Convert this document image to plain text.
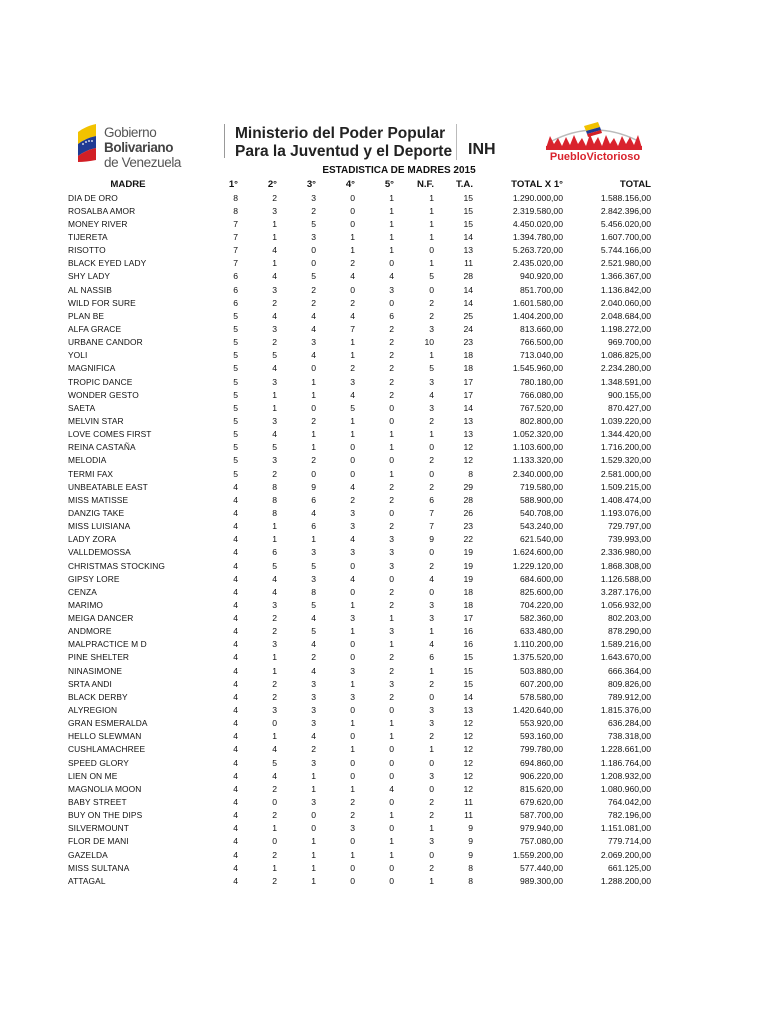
Gobierno Bolivariano
de Venezuela
Ministerio del Poder Popular
Para la Juventud y el Deporte INH	PuebloVictorioso
ESTADISTICA DE MADRES 2015
MADRE	1°	2°	3°	4°	5°	N.F.	T.A.	TOTAL X 1°	TOTAL
DIA DE ORO	8	2	3	0	1	1	15	1.290.000,00	1.588.156,00
ROSALBA AMOR	8	3	2	0	1	1	15	2.319.580,00	2.842.396,00
MONEY RIVER	7	1	5	0	1	1	15	4.450.020,00	5.456.020,00
TIJERETA	7	1	3	1	1	1	14	1.394.780,00	1.607.700,00
RISOTTO	7	4	0	1	1	0	13	5.263.720,00	5.744.166,00
BLACK EYED LADY	7	1	0	2	0	1	11	2.435.020,00	2.521.980,00
SHY LADY	6	4	5	4	4	5	28	940.920,00	1.366.367,00
AL NASSIB	6	3	2	0	3	0	14	851.700,00	1.136.842,00
WILD FOR SURE	6	2	2	2	0	2	14	1.601.580,00	2.040.060,00
PLAN BE	5	4	4	4	6	2	25	1.404.200,00	2.048.684,00
ALFA GRACE	5	3	4	7	2	3	24	813.660,00	1.198.272,00
URBANE CANDOR	5	2	3	1	2	10	23	766.500,00	969.700,00
YOLI	5	5	4	1	2	1	18	713.040,00	1.086.825,00
MAGNIFICA	5	4	0	2	2	5	18	1.545.960,00	2.234.280,00
TROPIC DANCE	5	3	1	3	2	3	17	780.180,00	1.348.591,00
WONDER GESTO	5	1	1	4	2	4	17	766.080,00	900.155,00
SAETA	5	1	0	5	0	3	14	767.520,00	870.427,00
MELVIN STAR	5	3	2	1	0	2	13	802.800,00	1.039.220,00
LOVE COMES FIRST	5	4	1	1	1	1	13	1.052.320,00	1.344.420,00
REINA CASTAÑA	5	5	1	0	1	0	12	1.103.600,00	1.716.200,00
MELODIA	5	3	2	0	0	2	12	1.133.320,00	1.529.320,00
TERMI FAX	5	2	0	0	1	0	8	2.340.000,00	2.581.000,00
UNBEATABLE EAST	4	8	9	4	2	2	29	719.580,00	1.509.215,00
MISS MATISSE	4	8	6	2	2	6	28	588.900,00	1.408.474,00
DANZIG TAKE	4	8	4	3	0	7	26	540.708,00	1.193.076,00
MISS LUISIANA	4	1	6	3	2	7	23	543.240,00	729.797,00
LADY ZORA	4	1	1	4	3	9	22	621.540,00	739.993,00
VALLDEMOSSA	4	6	3	3	3	0	19	1.624.600,00	2.336.980,00
CHRISTMAS STOCKING	4	5	5	0	3	2	19	1.229.120,00	1.868.308,00
GIPSY LORE	4	4	3	4	0	4	19	684.600,00	1.126.588,00
CENZA	4	4	8	0	2	0	18	825.600,00	3.287.176,00
MARIMO	4	3	5	1	2	3	18	704.220,00	1.056.932,00
MEIGA DANCER	4	2	4	3	1	3	17	582.360,00	802.203,00
ANDMORE	4	2	5	1	3	1	16	633.480,00	878.290,00
MALPRACTICE M D	4	3	4	0	1	4	16	1.110.200,00	1.589.216,00
PINE SHELTER	4	1	2	0	2	6	15	1.375.520,00	1.643.670,00
NINASIMONE	4	1	4	3	2	1	15	503.880,00	666.364,00
SRTA ANDI	4	2	3	1	3	2	15	607.200,00	809.826,00
BLACK DERBY	4	2	3	3	2	0	14	578.580,00	789.912,00
ALYREGION	4	3	3	0	0	3	13	1.420.640,00	1.815.376,00
GRAN ESMERALDA	4	0	3	1	1	3	12	553.920,00	636.284,00
HELLO SLEWMAN	4	1	4	0	1	2	12	593.160,00	738.318,00
CUSHLAMACHREE	4	4	2	1	0	1	12	799.780,00	1.228.661,00
SPEED GLORY	4	5	3	0	0	0	12	694.860,00	1.186.764,00
LIEN ON ME	4	4	1	0	0	3	12	906.220,00	1.208.932,00
MAGNOLIA MOON	4	2	1	1	4	0	12	815.620,00	1.080.960,00
BABY STREET	4	0	3	2	0	2	11	679.620,00	764.042,00
BUY ON THE DIPS	4	2	0	2	1	2	11	587.700,00	782.196,00
SILVERMOUNT	4	1	0	3	0	1	9	979.940,00	1.151.081,00
FLOR DE MANI	4	0	1	0	1	3	9	757.080,00	779.714,00
GAZELDA	4	2	1	1	1	0	9	1.559.200,00	2.069.200,00
MISS SULTANA	4	1	1	0	0	2	8	577.440,00	661.125,00
ATTAGAL	4	2	1	0	0	1	8	989.300,00	1.288.200,00
